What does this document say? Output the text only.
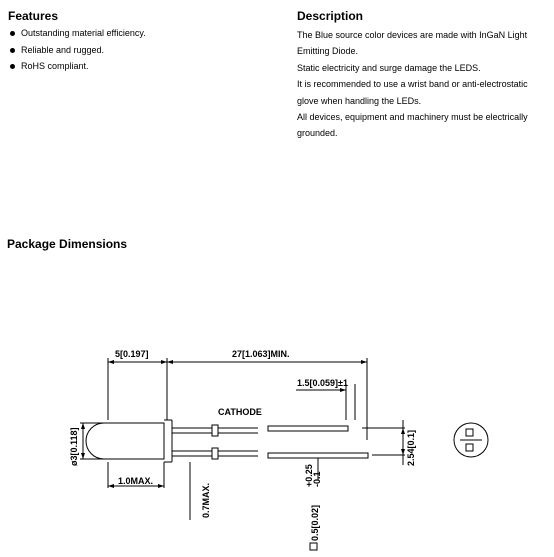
Features
Outstanding material efficiency.
Reliable and rugged.
RoHS compliant.
Description

The Blue source color devices are made with InGaN Light

Emitting Diode.

Static electricity and surge damage the LEDS.

It is recommended to use a wrist band or anti-electrostatic

glove when handling the LEDs.

All devices, equipment and machinery must be electrically

grounded.

Package Dimensions
5[0.197]	27[1.063]MIN.
1.5[0.059]±1
CATHODE
ø3[0.118]
1.0MAX.
0.7MAX.
0.5[0.02]
+0.25
-0.1
2.54[0.1]
